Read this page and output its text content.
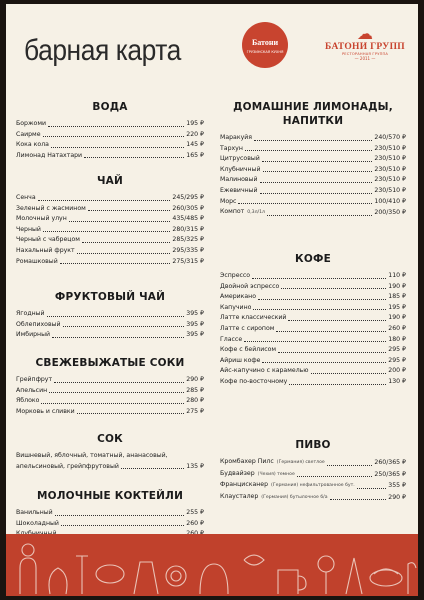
барная карта	Батони
ГРУЗИНСКАЯ КУХНЯ
☁
БАТОНИ ГРУПП
РЕСТОРАННАЯ ГРУППА
— 2011 —
ВОДА
Боржоми	195 ₽
Саирме	220 ₽
Кока кола	145 ₽
Лимонад Натахтари	165 ₽
ЧАЙ
Сенча	245/295 ₽
Зеленый с жасмином	260/305 ₽
Молочный улун	435/485 ₽
Черный	280/315 ₽
Черный с чабрецом	285/325 ₽
Нахальный фрукт	295/335 ₽
Ромашковый	275/315 ₽
ФРУКТОВЫЙ ЧАЙ
Ягодный	395 ₽
Облепиховый	395 ₽
Имбирный	395 ₽
СВЕЖЕВЫЖАТЫЕ СОКИ
Грейпфрут	290 ₽
Апельсин	285 ₽
Яблоко	280 ₽
Морковь и сливки	275 ₽
СОК
Вишневый, яблочный, томатный, ананасовый,
апельсиновый, грейпфрутовый	135 ₽
МОЛОЧНЫЕ КОКТЕЙЛИ
Ванильный	255 ₽
Шоколадный	260 ₽
ДОМАШНИЕ ЛИМОНАДЫ,
НАПИТКИ
Маракуйя	240/570 ₽
Тархун	230/510 ₽
Цитрусовый	230/510 ₽
Клубничный	230/510 ₽
Малиновый	230/510 ₽
Ежевичный	230/510 ₽
Морс	100/410 ₽
Компот 0,3л/1л	200/350 ₽
КОФЕ
Эспрессо	110 ₽
Двойной эспрессо	190 ₽
Американо	185 ₽
Капучино	195 ₽
Латте классический	190 ₽
Латте с сиропом	260 ₽
Глассе	180 ₽
Кофе с бейлисом	295 ₽
Айриш кофе	295 ₽
Айс-капучино с карамелью	200 ₽
Кофе по-восточному	130 ₽
ПИВО
Кромбахер Пилс (Германия) светлое	260/365 ₽
Будвайзер (Чехия) темное	250/365 ₽
Францисканер (Германия) нефильтрованное бут.	355 ₽
Клаусталер (Германия) бутылочное б/а	290 ₽
